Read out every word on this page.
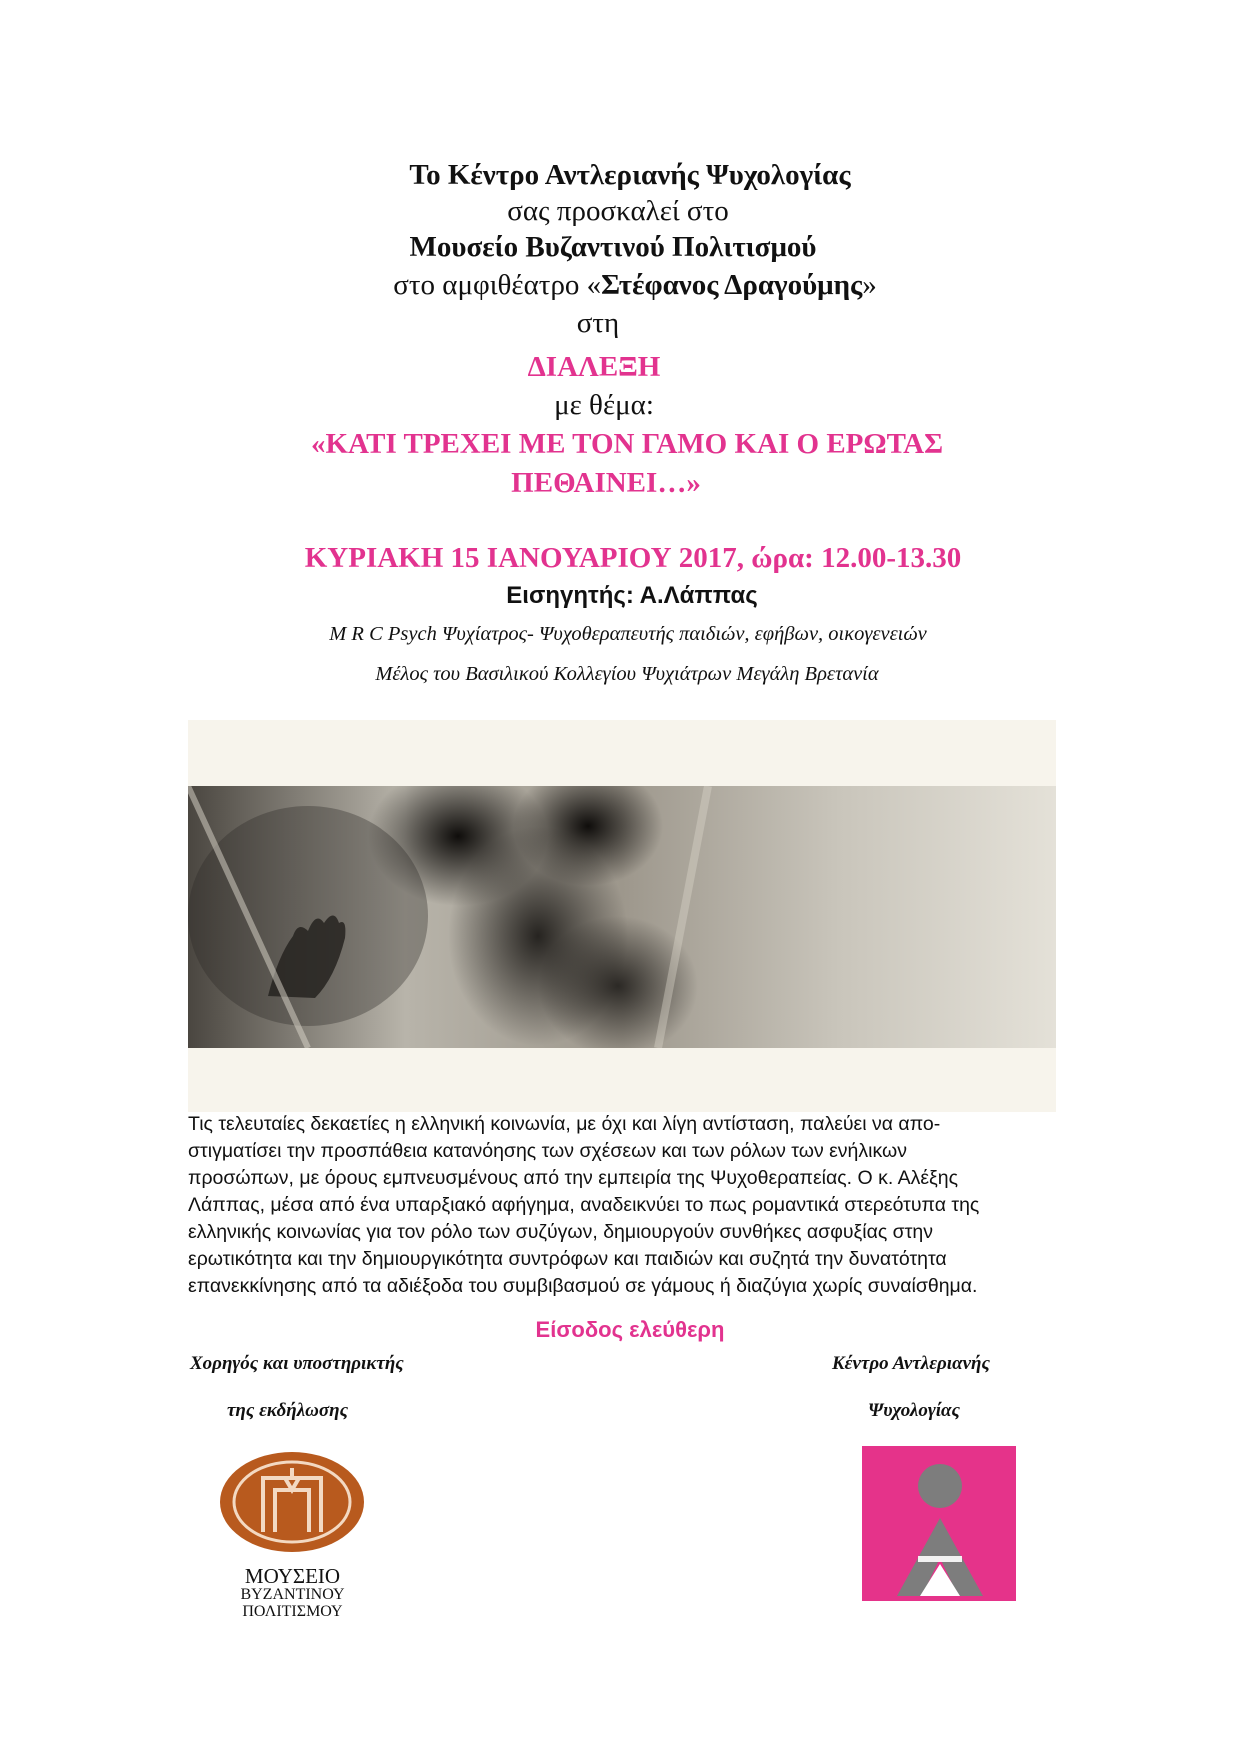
Το Κέντρο Αντλεριανής Ψυχολογίας
σας προσκαλεί στο
Μουσείο Βυζαντινού Πολιτισμού
στο αμφιθέατρο «Στέφανος Δραγούμης»
στη
ΔΙΑΛΕΞΗ
με θέμα:
«ΚΑΤΙ ΤΡΕΧΕΙ ΜΕ ΤΟΝ ΓΑΜΟ ΚΑΙ Ο ΕΡΩΤΑΣ
ΠΕΘΑΙΝΕΙ…»
ΚΥΡΙΑΚΗ 15 ΙΑΝΟΥΑΡΙΟΥ 2017, ώρα: 12.00-13.30
Εισηγητής: Α.Λάππας
M R C Psych Ψυχίατρος- Ψυχοθεραπευτής παιδιών, εφήβων, οικογενειών
Μέλος του Βασιλικού Κολλεγίου Ψυχιάτρων Μεγάλη Βρετανία
Τις τελευταίες δεκαετίες η ελληνική κοινωνία, με όχι και λίγη αντίσταση, παλεύει να απο-
στιγματίσει την προσπάθεια κατανόησης των σχέσεων και των ρόλων των ενήλικων
προσώπων, με όρους εμπνευσμένους από την εμπειρία της Ψυχοθεραπείας. Ο κ. Αλέξης
Λάππας, μέσα από ένα υπαρξιακό αφήγημα, αναδεικνύει το πως ρομαντικά στερεότυπα της
ελληνικής κοινωνίας για τον ρόλο των συζύγων, δημιουργούν συνθήκες ασφυξίας στην
ερωτικότητα και την δημιουργικότητα συντρόφων και παιδιών και συζητά την δυνατότητα
επανεκκίνησης από τα αδιέξοδα του συμβιβασμού σε γάμους ή διαζύγια χωρίς συναίσθημα.
Είσοδος ελεύθερη
Χορηγός και υποστηρικτής
της εκδήλωσης
Κέντρο Αντλεριανής
Ψυχολογίας
ΜΟΥΣΕΙΟ
ΒΥΖΑΝΤΙΝΟΥ
ΠΟΛΙΤΙΣΜΟΥ
